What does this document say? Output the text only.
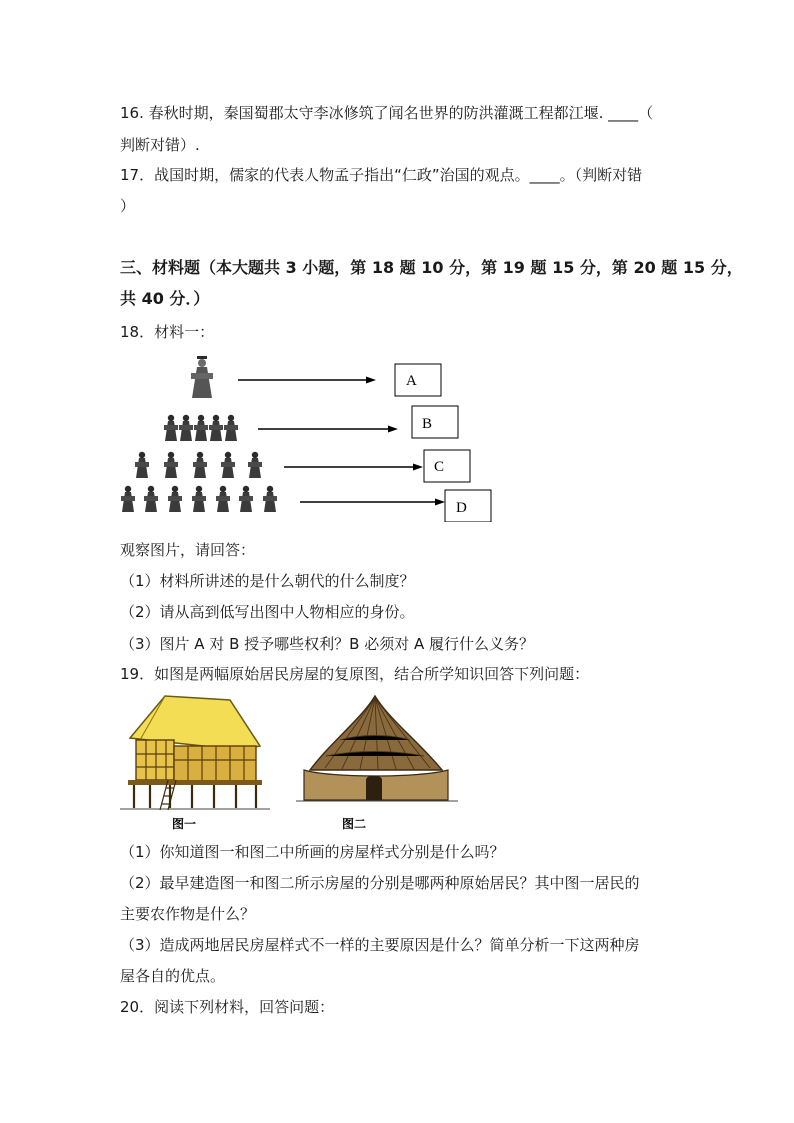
16. 春秋时期，秦国蜀郡太守李冰修筑了闻名世界的防洪灌溉工程都江堰. ____（
判断对错）.
17．战国时期，儒家的代表人物孟子指出“仁政”治国的观点。____。（判断对错
）
三、材料题（本大题共 3 小题，第 18 题 10 分，第 19 题 15 分，第 20 题 15 分，
共 40 分．）
18．材料一：
A
B
C
D
观察图片，请回答：
（1）材料所讲述的是什么朝代的什么制度？
（2）请从高到低写出图中人物相应的身份。
（3）图片 A 对 B 授予哪些权利？B 必须对 A 履行什么义务？
19．如图是两幅原始居民房屋的复原图，结合所学知识回答下列问题：
图一	图二
（1）你知道图一和图二中所画的房屋样式分别是什么吗？
（2）最早建造图一和图二所示房屋的分别是哪两种原始居民？其中图一居民的
主要农作物是什么？
（3）造成两地居民房屋样式不一样的主要原因是什么？简单分析一下这两种房
屋各自的优点。
20．阅读下列材料，回答问题：
